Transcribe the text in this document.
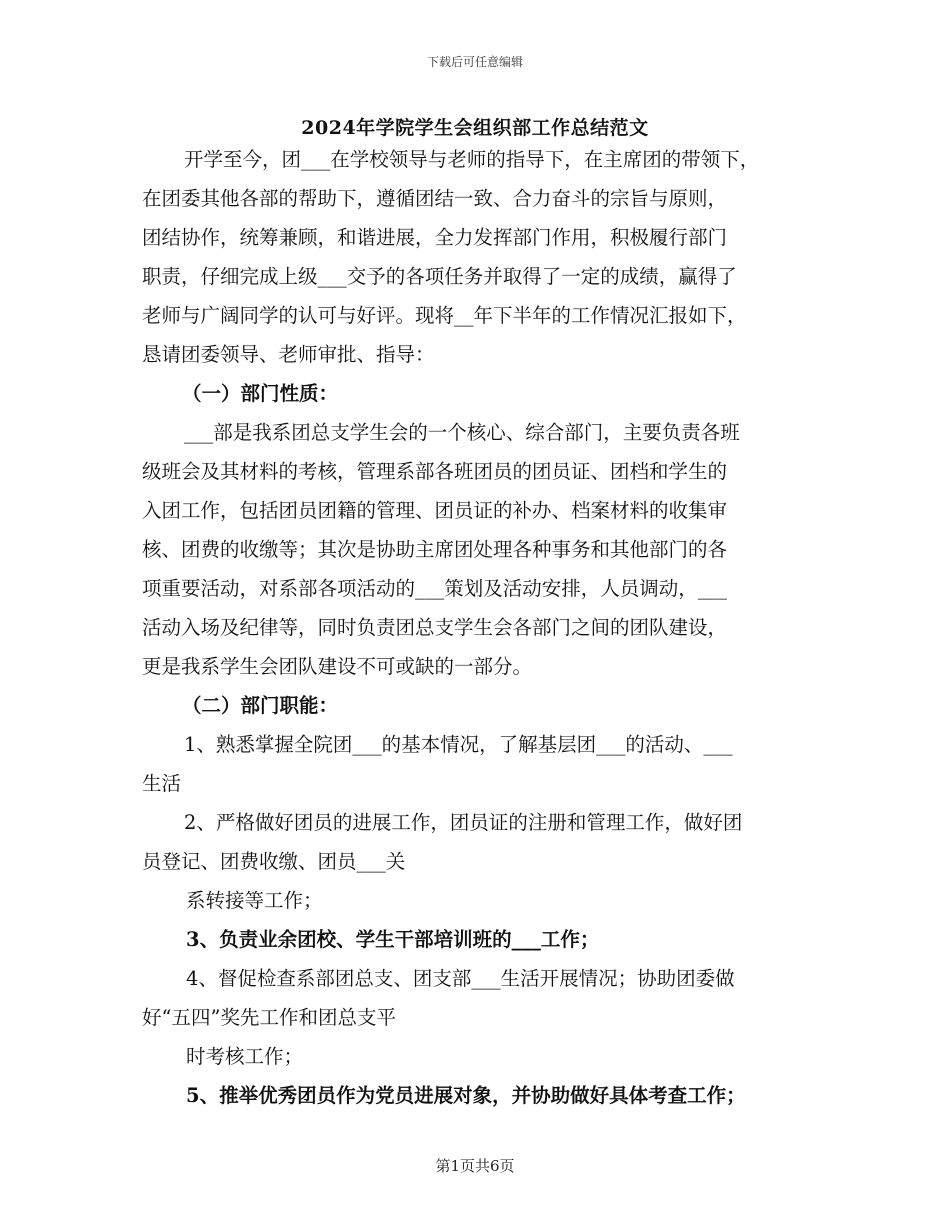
下载后可任意编辑
2024年学院学生会组织部工作总结范文
开学至今，团___在学校领导与老师的指导下，在主席团的带领下，
在团委其他各部的帮助下，遵循团结一致、合力奋斗的宗旨与原则，
团结协作，统筹兼顾，和谐进展，全力发挥部门作用，积极履行部门
职责，仔细完成上级___交予的各项任务并取得了一定的成绩，赢得了
老师与广阔同学的认可与好评。现将__年下半年的工作情况汇报如下，
恳请团委领导、老师审批、指导：
（一）部门性质：
___部是我系团总支学生会的一个核心、综合部门，主要负责各班
级班会及其材料的考核，管理系部各班团员的团员证、团档和学生的
入团工作，包括团员团籍的管理、团员证的补办、档案材料的收集审
核、团费的收缴等；其次是协助主席团处理各种事务和其他部门的各
项重要活动，对系部各项活动的___策划及活动安排，人员调动，___
活动入场及纪律等，同时负责团总支学生会各部门之间的团队建设，
更是我系学生会团队建设不可或缺的一部分。
（二）部门职能：
1、熟悉掌握全院团___的基本情况，了解基层团___的活动、___
生活
2、严格做好团员的进展工作，团员证的注册和管理工作，做好团
员登记、团费收缴、团员___关
系转接等工作；
3、负责业余团校、学生干部培训班的___工作；
4、督促检查系部团总支、团支部___生活开展情况；协助团委做
好“五四”奖先工作和团总支平
时考核工作；
5、推举优秀团员作为党员进展对象，并协助做好具体考查工作；
第1页共6页
